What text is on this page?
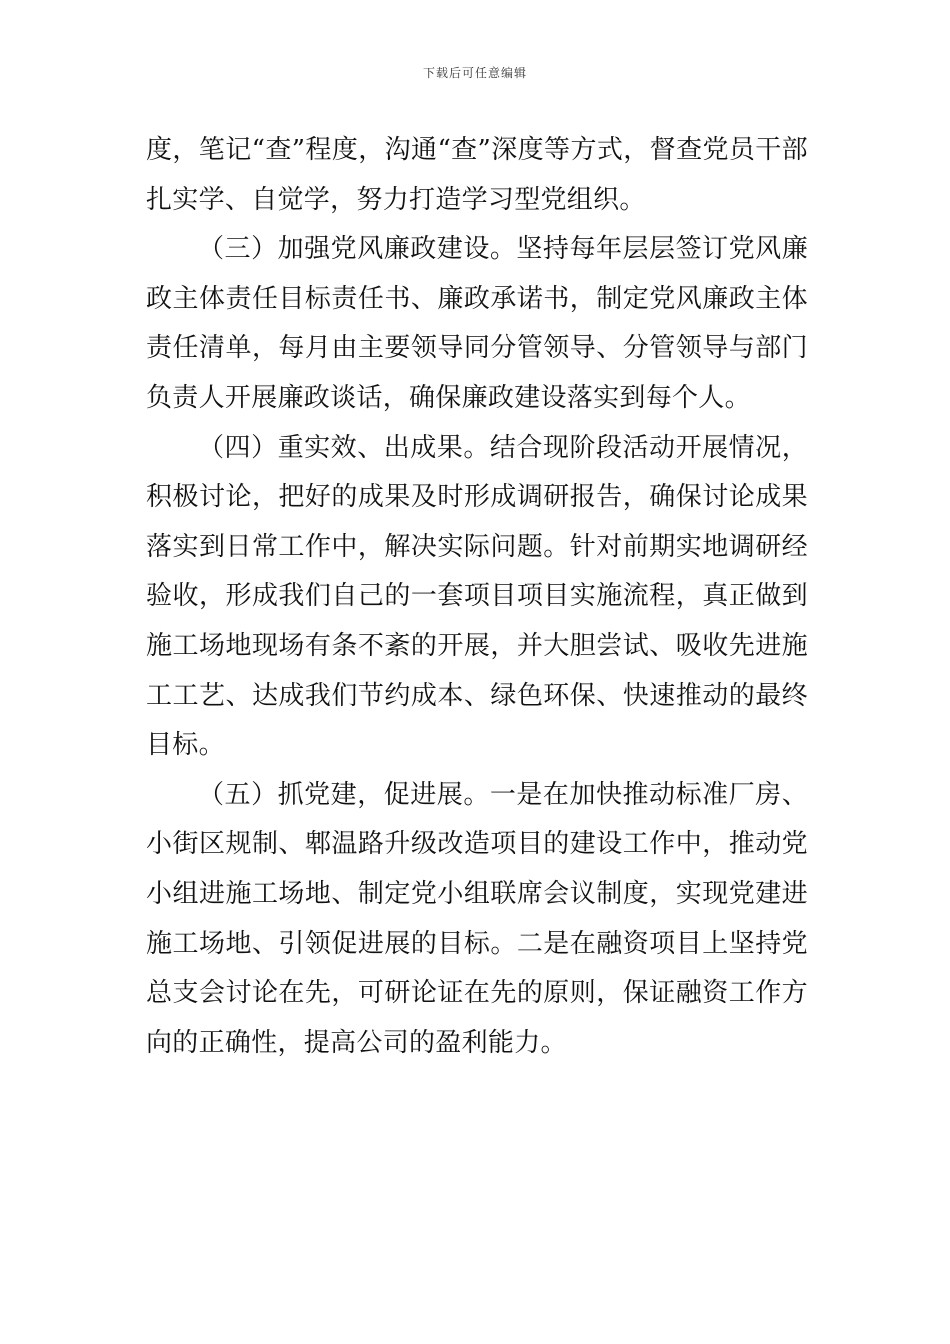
下载后可任意编辑

度，笔记“查”程度，沟通“查”深度等方式，督查党员干部扎实学、自觉学，努力打造学习型党组织。

（三）加强党风廉政建设。坚持每年层层签订党风廉政主体责任目标责任书、廉政承诺书，制定党风廉政主体责任清单，每月由主要领导同分管领导、分管领导与部门负责人开展廉政谈话，确保廉政建设落实到每个人。

（四）重实效、出成果。结合现阶段活动开展情况，积极讨论，把好的成果及时形成调研报告，确保讨论成果落实到日常工作中，解决实际问题。针对前期实地调研经验收，形成我们自己的一套项目项目实施流程，真正做到施工场地现场有条不紊的开展，并大胆尝试、吸收先进施工工艺、达成我们节约成本、绿色环保、快速推动的最终目标。

（五）抓党建，促进展。一是在加快推动标准厂房、小街区规制、郫温路升级改造项目的建设工作中，推动党小组进施工场地、制定党小组联席会议制度，实现党建进施工场地、引领促进展的目标。二是在融资项目上坚持党总支会讨论在先，可研论证在先的原则，保证融资工作方向的正确性，提高公司的盈利能力。
